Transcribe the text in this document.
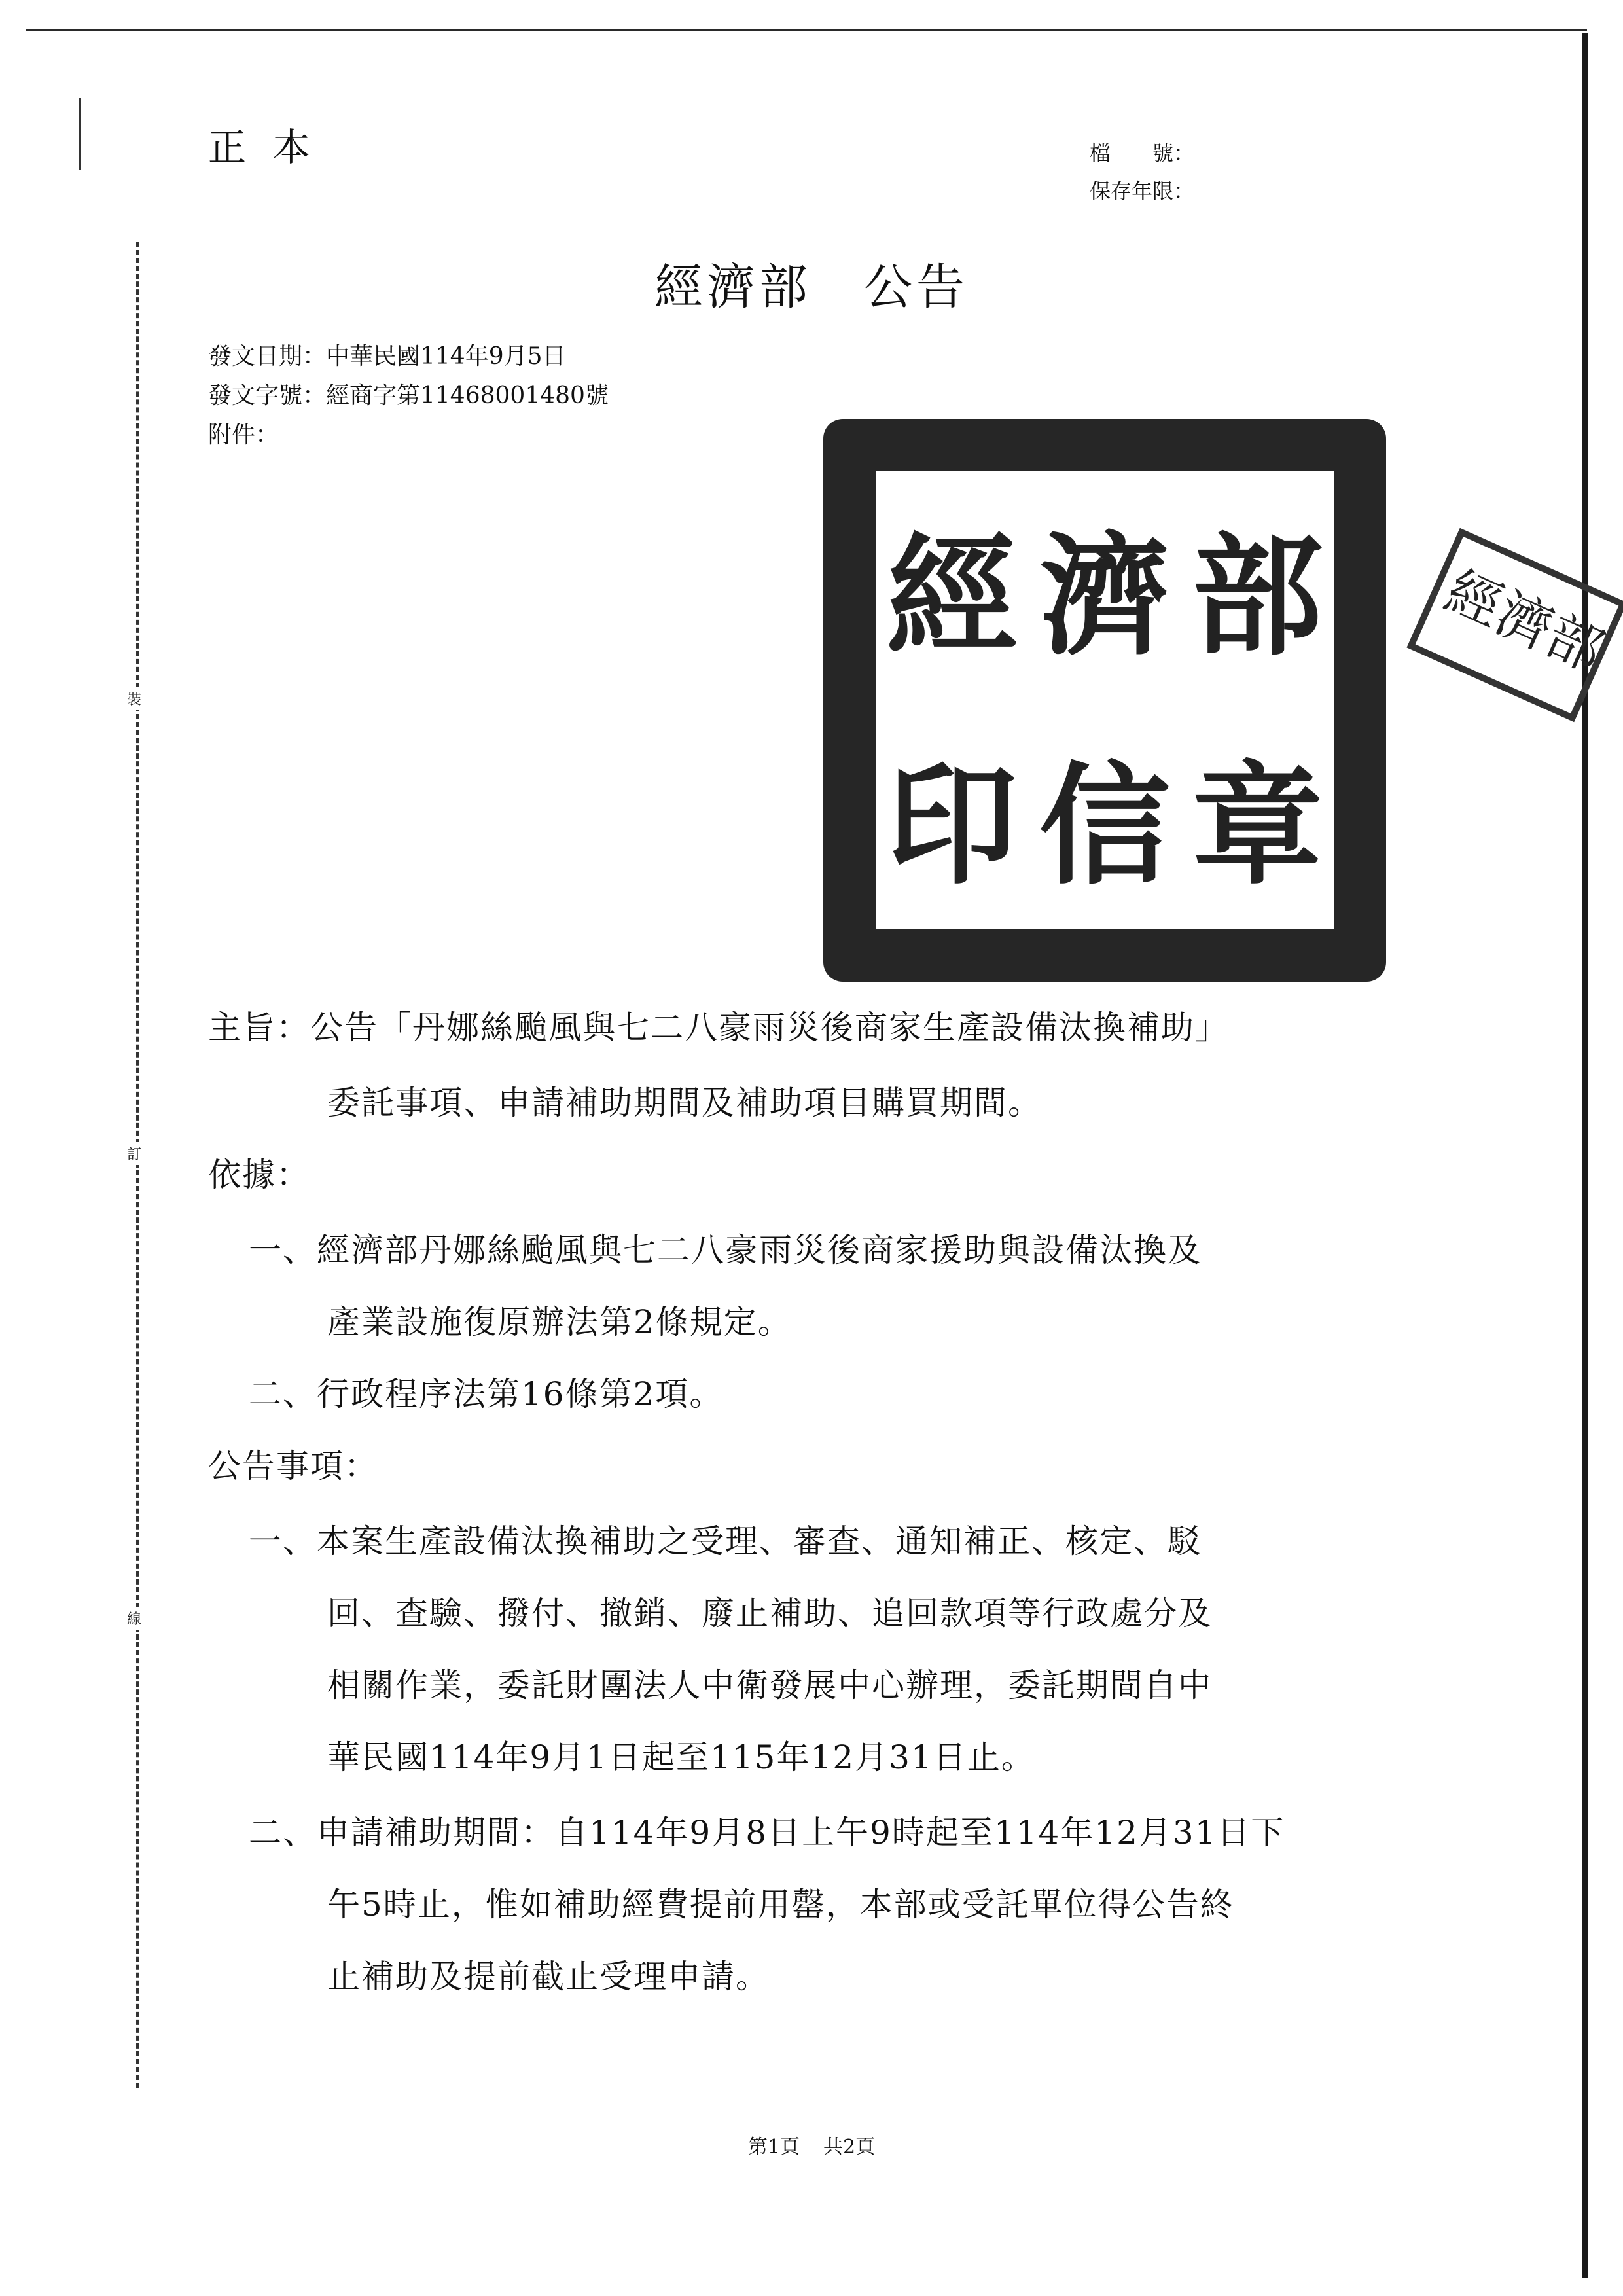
裝
訂
線
正本	檔　　號：
保存年限：
經濟部 公告
發文日期：中華民國114年9月5日
發文字號：經商字第11468001480號
附件：
經 濟 部
印 信 章
經濟部
主旨：公告「丹娜絲颱風與七二八豪雨災後商家生產設備汰換補助」
委託事項、申請補助期間及補助項目購買期間。
依據：
一、經濟部丹娜絲颱風與七二八豪雨災後商家援助與設備汰換及
產業設施復原辦法第2條規定。
二、行政程序法第16條第2項。
公告事項：
一、本案生產設備汰換補助之受理、審查、通知補正、核定、駁
回、查驗、撥付、撤銷、廢止補助、追回款項等行政處分及
相關作業，委託財團法人中衛發展中心辦理，委託期間自中
華民國114年9月1日起至115年12月31日止。
二、申請補助期間：自114年9月8日上午9時起至114年12月31日下
午5時止，惟如補助經費提前用罄，本部或受託單位得公告終
止補助及提前截止受理申請。
第1頁 共2頁
